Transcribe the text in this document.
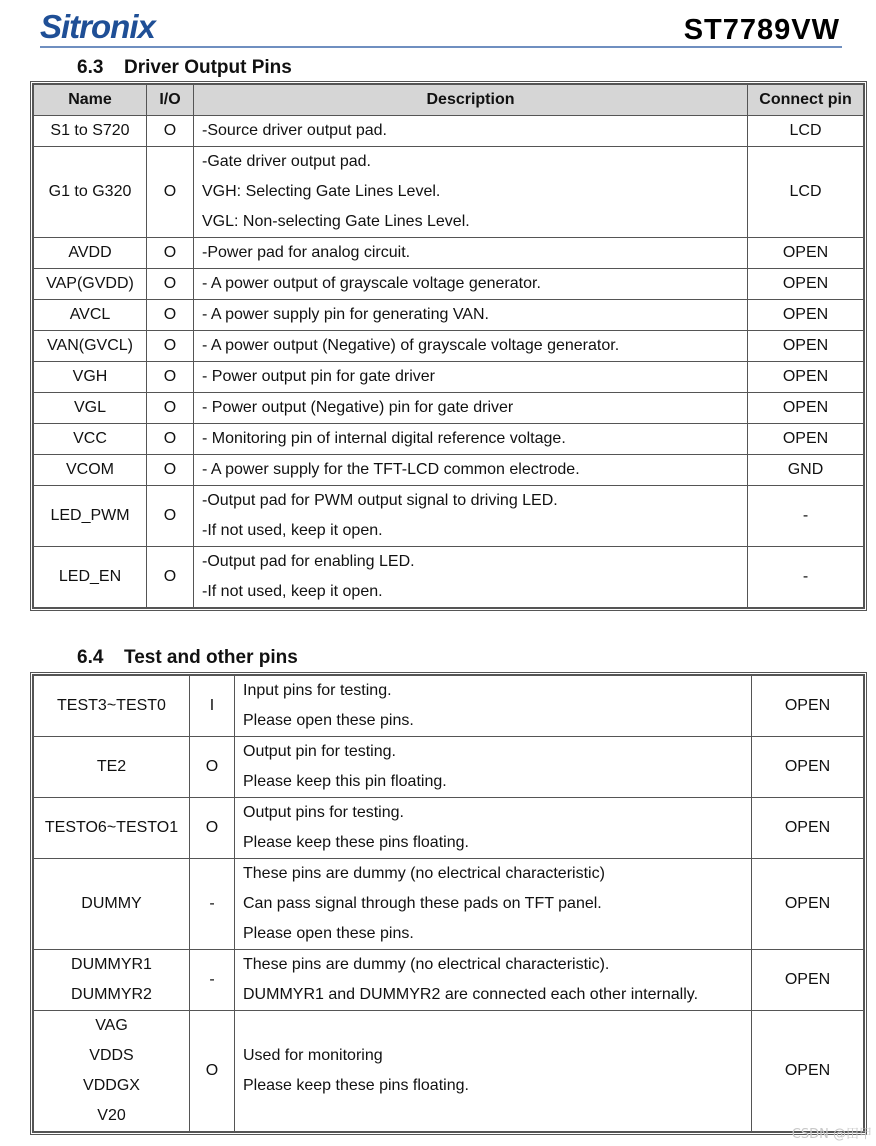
Sitronix	ST7789VW
6.3 Driver Output Pins
Name	I/O	Description	Connect pin

S1 to S720	O	-Source driver output pad.	LCD

G1 to G320	O	-Gate driver output pad.
VGH: Selecting Gate Lines Level.
VGL: Non-selecting Gate Lines Level.	LCD

AVDD	O	-Power pad for analog circuit.	OPEN

VAP(GVDD)	O	- A power output of grayscale voltage generator.	OPEN

AVCL	O	- A power supply pin for generating VAN.	OPEN

VAN(GVCL)	O	- A power output (Negative) of grayscale voltage generator.	OPEN

VGH	O	- Power output pin for gate driver	OPEN

VGL	O	- Power output (Negative) pin for gate driver	OPEN

VCC	O	- Monitoring pin of internal digital reference voltage.	OPEN

VCOM	O	- A power supply for the TFT-LCD common electrode.	GND

LED_PWM	O	-Output pad for PWM output signal to driving LED.
-If not used, keep it open.	-

LED_EN	O	-Output pad for enabling LED.
-If not used, keep it open.	-
6.4 Test and other pins
TEST3~TEST0	I	Input pins for testing.
Please open these pins.	OPEN

TE2	O	Output pin for testing.
Please keep this pin floating.	OPEN

TESTO6~TESTO1	O	Output pins for testing.
Please keep these pins floating.	OPEN

DUMMY	-	These pins are dummy (no electrical characteristic)
Can pass signal through these pads on TFT panel.
Please open these pins.	OPEN

DUMMYR1
DUMMYR2	-	These pins are dummy (no electrical characteristic).
DUMMYR1 and DUMMYR2 are connected each other internally.	OPEN

VAG
VDDS
VDDGX
V20	O	Used for monitoring
Please keep these pins floating.	OPEN
CSDN @田甲
